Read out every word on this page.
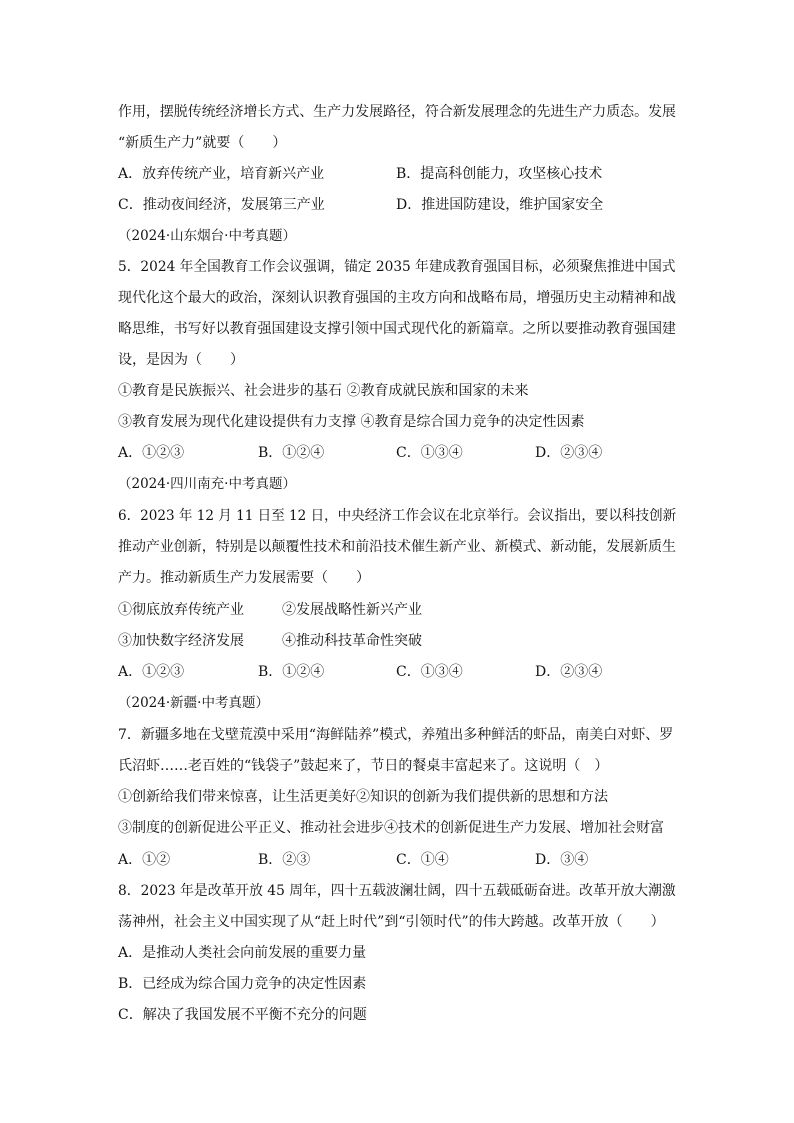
作用，摆脱传统经济增长方式、生产力发展路径，符合新发展理念的先进生产力质态。发展
“新质生产力”就要（　　）
A．放弃传统产业，培育新兴产业	B．提高科创能力，攻坚核心技术
C．推动夜间经济，发展第三产业	D．推进国防建设，维护国家安全
（2024·山东烟台·中考真题）
5．2024 年全国教育工作会议强调，锚定 2035 年建成教育强国目标，必须聚焦推进中国式
现代化这个最大的政治，深刻认识教育强国的主攻方向和战略布局，增强历史主动精神和战
略思维，书写好以教育强国建设支撑引领中国式现代化的新篇章。之所以要推动教育强国建
设，是因为（　　）
①教育是民族振兴、社会进步的基石 ②教育成就民族和国家的未来
③教育发展为现代化建设提供有力支撑 ④教育是综合国力竞争的决定性因素
A．①②③	B．①②④	C．①③④	D．②③④
（2024·四川南充·中考真题）
6．2023 年 12 月 11 日至 12 日，中央经济工作会议在北京举行。会议指出，要以科技创新
推动产业创新，特别是以颠覆性技术和前沿技术催生新产业、新模式、新动能，发展新质生
产力。推动新质生产力发展需要（　　）
①彻底放弃传统产业	②发展战略性新兴产业
③加快数字经济发展	④推动科技革命性突破
A．①②③	B．①②④	C．①③④	D．②③④
（2024·新疆·中考真题）
7．新疆多地在戈壁荒漠中采用“海鲜陆养”模式，养殖出多种鲜活的虾品，南美白对虾、罗
氏沼虾……老百姓的“钱袋子”鼓起来了，节日的餐桌丰富起来了。这说明（　）
①创新给我们带来惊喜，让生活更美好②知识的创新为我们提供新的思想和方法
③制度的创新促进公平正义、推动社会进步④技术的创新促进生产力发展、增加社会财富
A．①②	B．②③	C．①④	D．③④
8．2023 年是改革开放 45 周年，四十五载波澜壮阔，四十五载砥砺奋进。改革开放大潮激
荡神州，社会主义中国实现了从“赶上时代”到“引领时代”的伟大跨越。改革开放（　　）
A．是推动人类社会向前发展的重要力量
B．已经成为综合国力竞争的决定性因素
C．解决了我国发展不平衡不充分的问题
